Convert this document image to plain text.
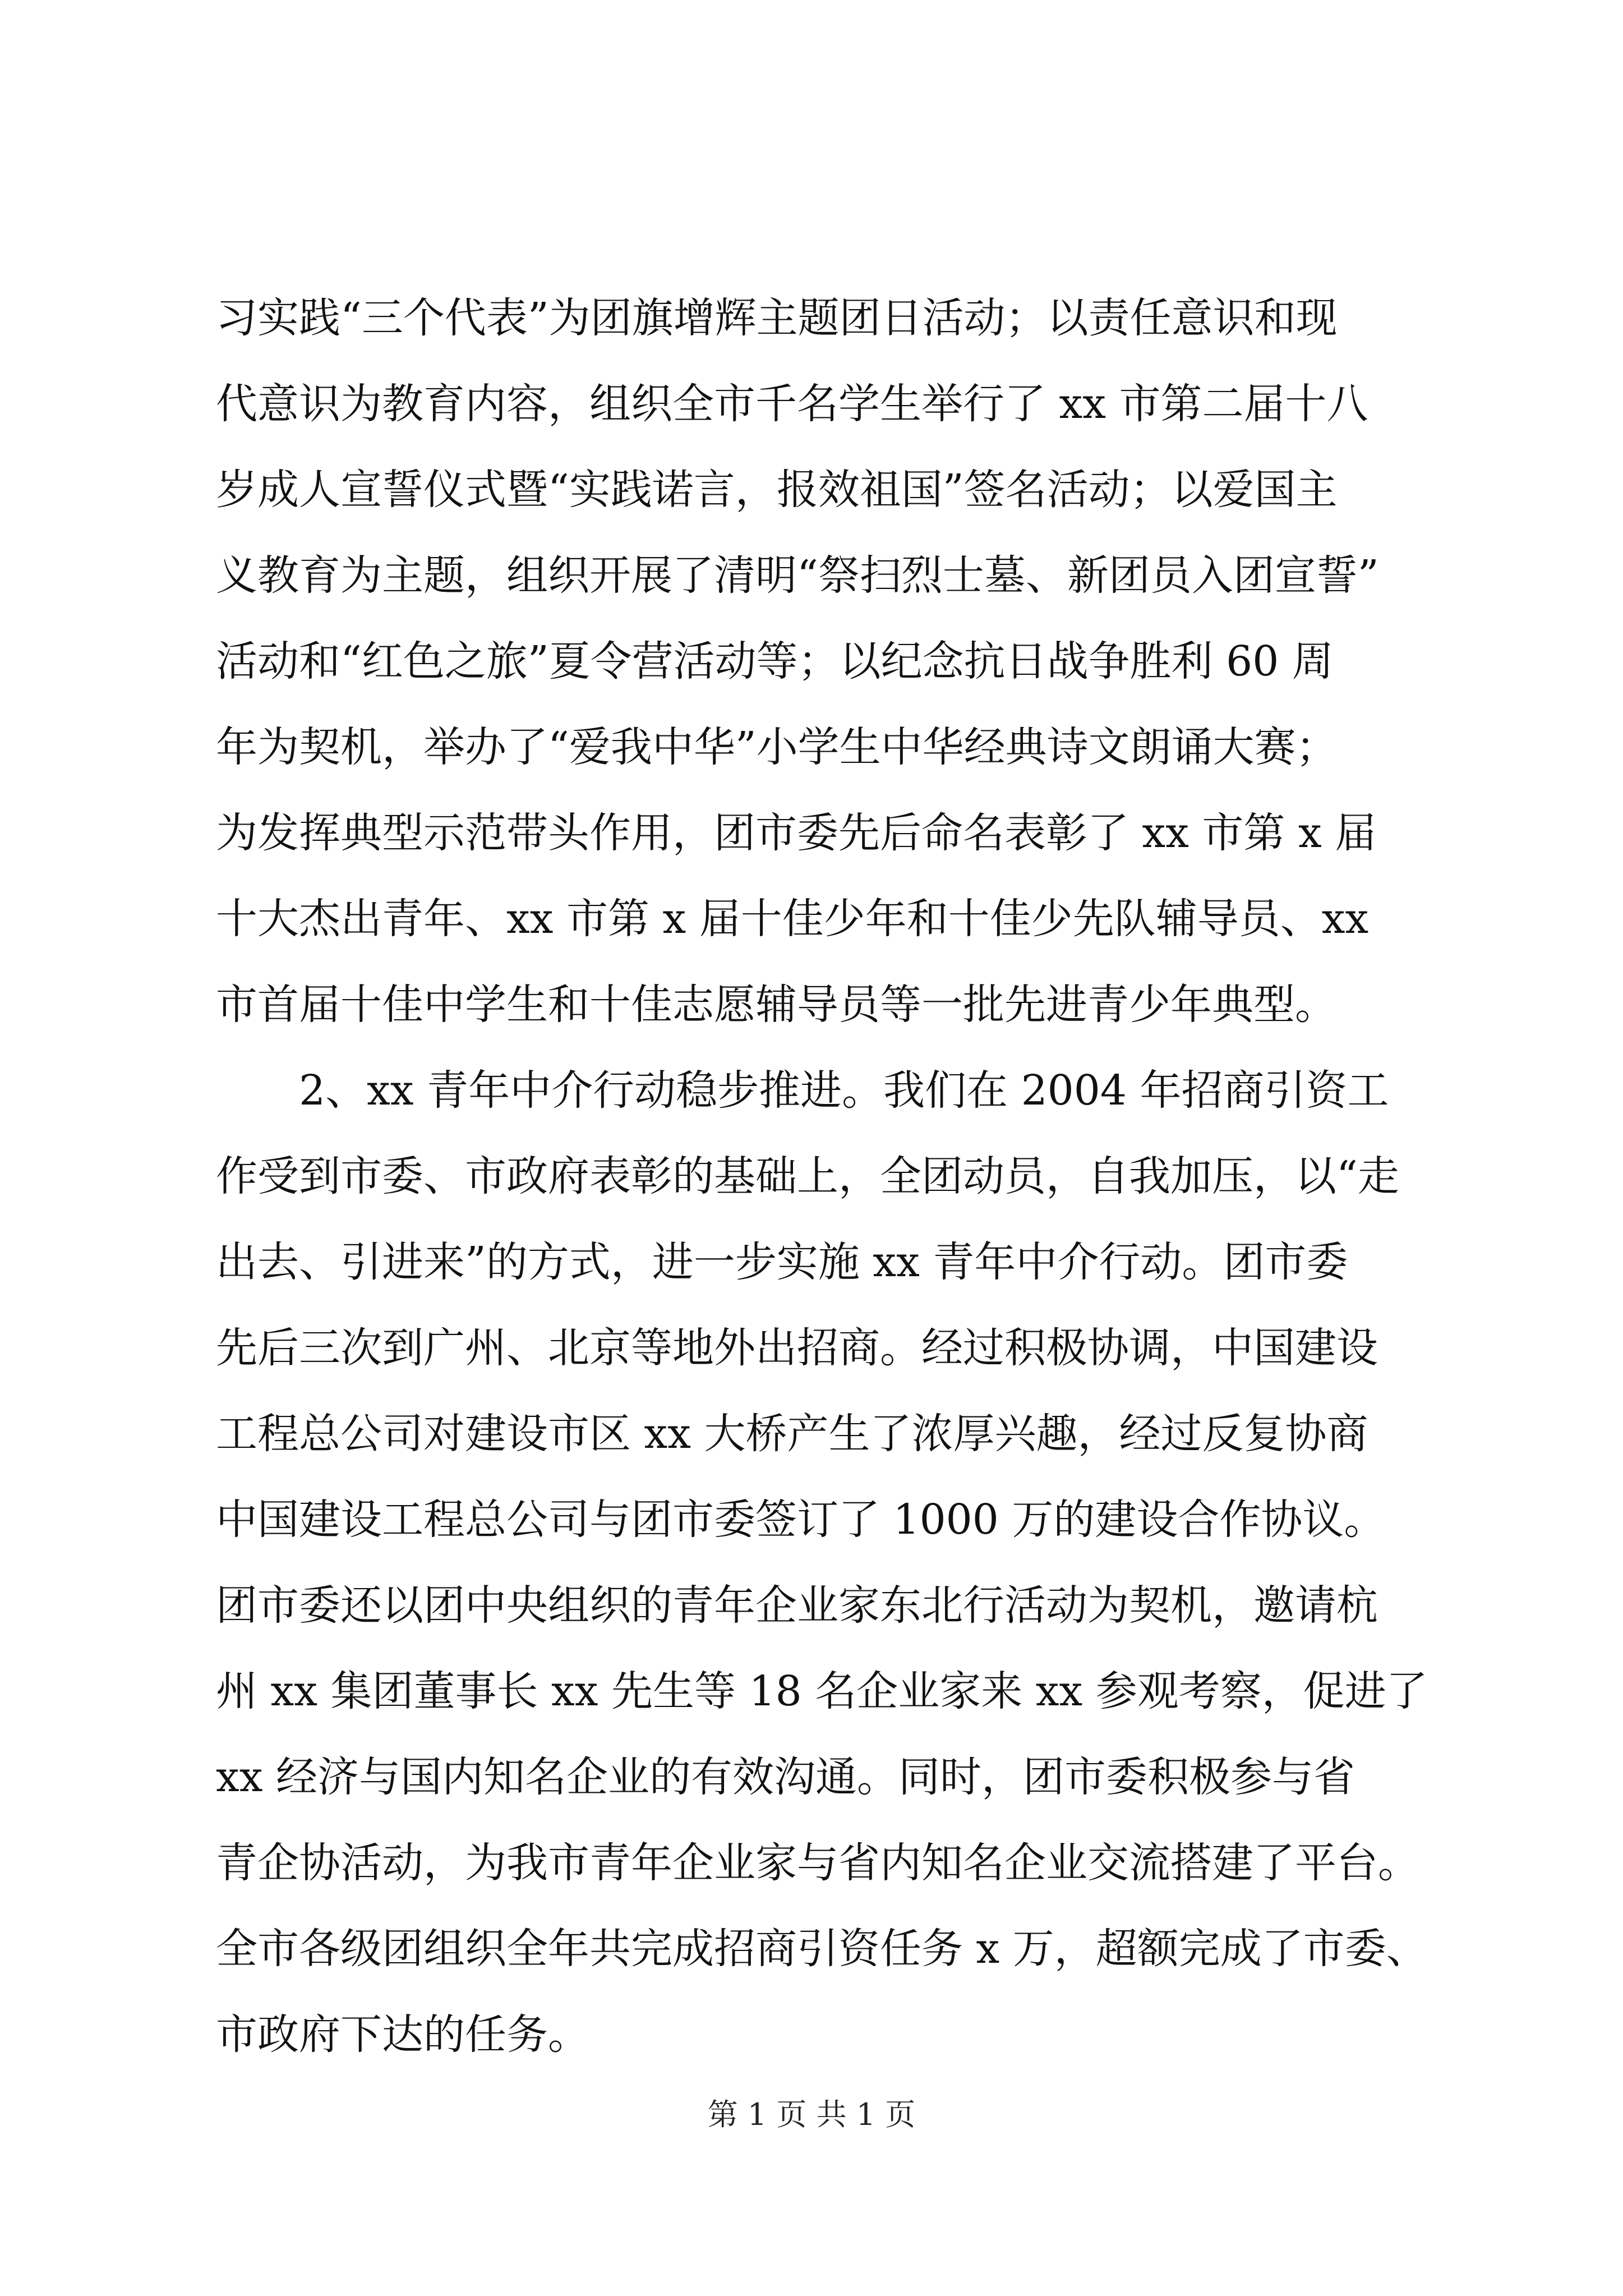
习实践“三个代表”为团旗增辉主题团日活动；以责任意识和现
代意识为教育内容，组织全市千名学生举行了 xx 市第二届十八
岁成人宣誓仪式暨“实践诺言，报效祖国”签名活动；以爱国主
义教育为主题，组织开展了清明“祭扫烈士墓、新团员入团宣誓”
活动和“红色之旅”夏令营活动等；以纪念抗日战争胜利 60 周
年为契机，举办了“爱我中华”小学生中华经典诗文朗诵大赛；
为发挥典型示范带头作用，团市委先后命名表彰了 xx 市第 x 届
十大杰出青年、xx 市第 x 届十佳少年和十佳少先队辅导员、xx
市首届十佳中学生和十佳志愿辅导员等一批先进青少年典型。
2、xx 青年中介行动稳步推进。我们在 2004 年招商引资工
作受到市委、市政府表彰的基础上，全团动员，自我加压，以“走
出去、引进来”的方式，进一步实施 xx 青年中介行动。团市委
先后三次到广州、北京等地外出招商。经过积极协调，中国建设
工程总公司对建设市区 xx 大桥产生了浓厚兴趣，经过反复协商
中国建设工程总公司与团市委签订了 1000 万的建设合作协议。
团市委还以团中央组织的青年企业家东北行活动为契机，邀请杭
州 xx 集团董事长 xx 先生等 18 名企业家来 xx 参观考察，促进了
xx 经济与国内知名企业的有效沟通。同时，团市委积极参与省
青企协活动，为我市青年企业家与省内知名企业交流搭建了平台。
全市各级团组织全年共完成招商引资任务 x 万，超额完成了市委、
市政府下达的任务。
第 1 页 共 1 页
